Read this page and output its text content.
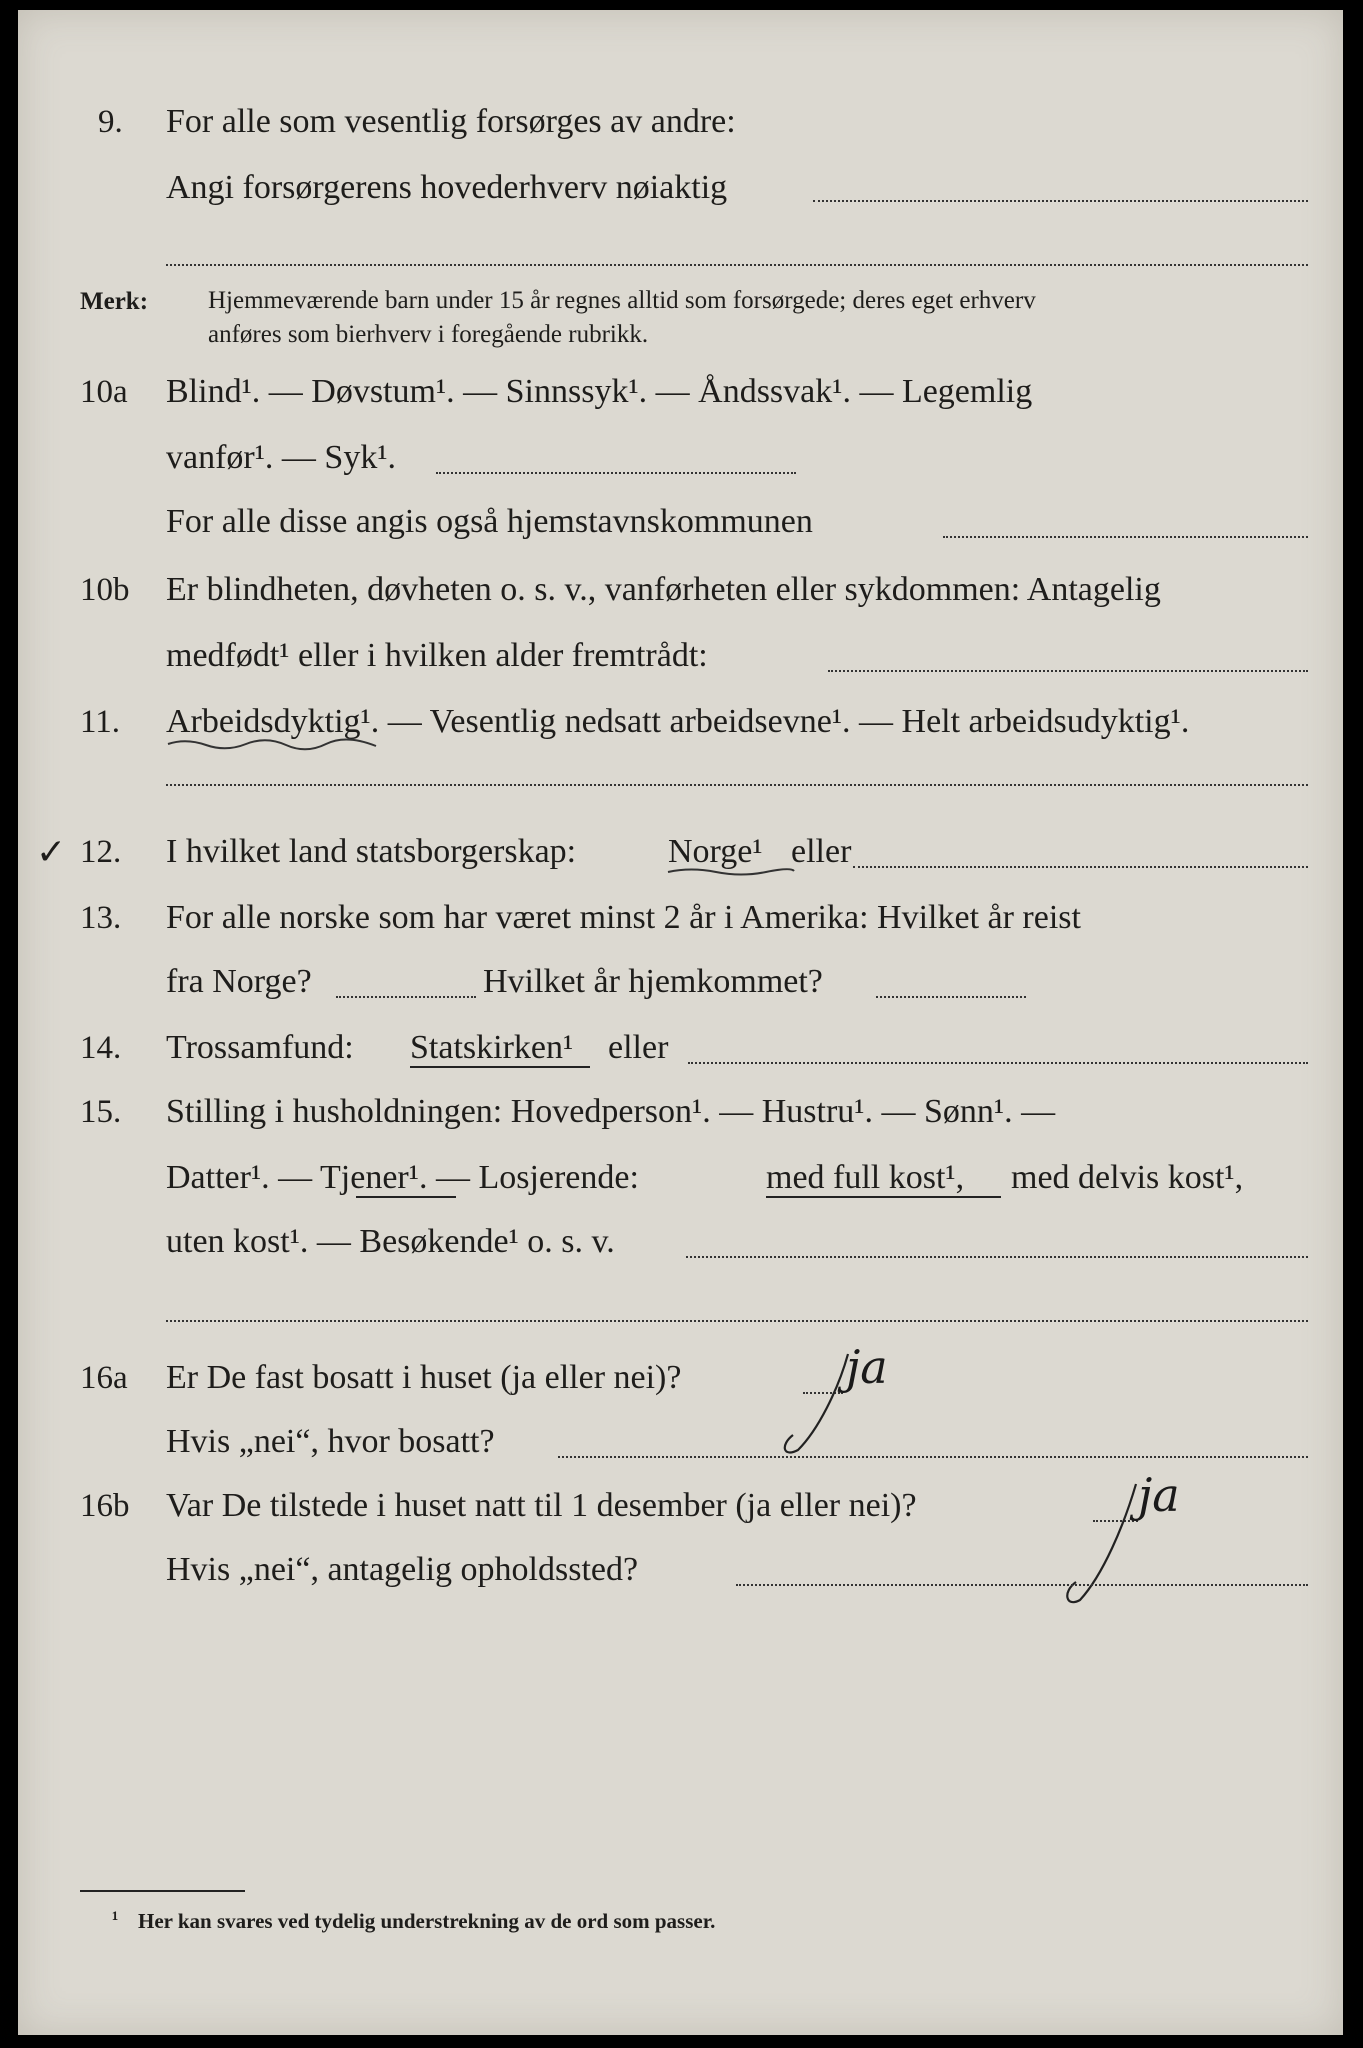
9. For alle som vesentlig forsørges av andre:
Angi forsørgerens hovederhverv nøiaktig
Merk: Hjemmeværende barn under 15 år regnes alltid som forsørgede; deres eget erhverv
anføres som bierhverv i foregående rubrikk.
10a Blind¹. — Døvstum¹. — Sinnssyk¹. — Åndssvak¹. — Legemlig
vanfør¹. — Syk¹.
For alle disse angis også hjemstavnskommunen
10b Er blindheten, døvheten o. s. v., vanførheten eller sykdommen: Antagelig
medfødt¹ eller i hvilken alder fremtrådt:
11. Arbeidsdyktig¹. — Vesentlig nedsatt arbeidsevne¹. — Helt arbeidsudyktig¹.
✓ 12. I hvilket land statsborgerskap:	Norge¹ eller
13. For alle norske som har været minst 2 år i Amerika: Hvilket år reist
fra Norge?	Hvilket år hjemkommet?
14. Trossamfund: Statskirken¹ eller
15. Stilling i husholdningen: Hovedperson¹. — Hustru¹. — Sønn¹. —
Datter¹. — Tjener¹. — Losjerende:	med full kost¹, med delvis kost¹,
uten kost¹. — Besøkende¹ o. s. v.
16a Er De fast bosatt i huset (ja eller nei)?	ja
Hvis „nei“, hvor bosatt?
16b Var De tilstede i huset natt til 1 desember (ja eller nei)?	ja
Hvis „nei“, antagelig opholdssted?
¹ Her kan svares ved tydelig understrekning av de ord som passer.
